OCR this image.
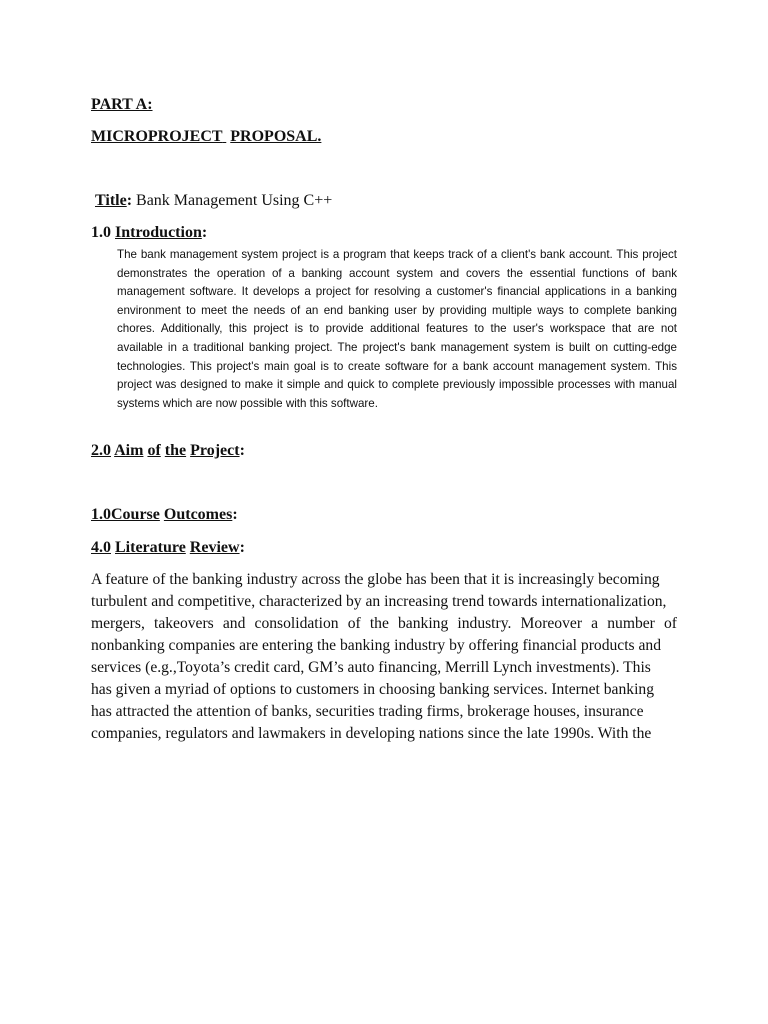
PART A:

MICROPROJECT PROPOSAL.

Title: Bank Management Using C++

1.0 Introduction:

The bank management system project is a program that keeps track of a client's bank account. This project demonstrates the operation of a banking account system and covers the essential functions of bank management software. It develops a project for resolving a customer's financial applications in a banking environment to meet the needs of an end banking user by providing multiple ways to complete banking chores. Additionally, this project is to provide additional features to the user's workspace that are not available in a traditional banking project. The project's bank management system is built on cutting-edge technologies. This project's main goal is to create software for a bank account management system. This project was designed to make it simple and quick to complete previously impossible processes with manual systems which are now possible with this software.

2.0 Aim of the Project:

1.0Course Outcomes:

4.0 Literature Review:

A feature of the banking industry across the globe has been that it is increasingly becoming

turbulent and competitive, characterized by an increasing trend towards internationalization,

mergers, takeovers and consolidation of the banking industry. Moreover a number of nonbanking companies are entering the banking industry by offering financial products and

services (e.g.,Toyota’s credit card, GM’s auto financing, Merrill Lynch investments). This

has given a myriad of options to customers in choosing banking services. Internet banking

has attracted the attention of banks, securities trading firms, brokerage houses, insurance

companies, regulators and lawmakers in developing nations since the late 1990s. With the
